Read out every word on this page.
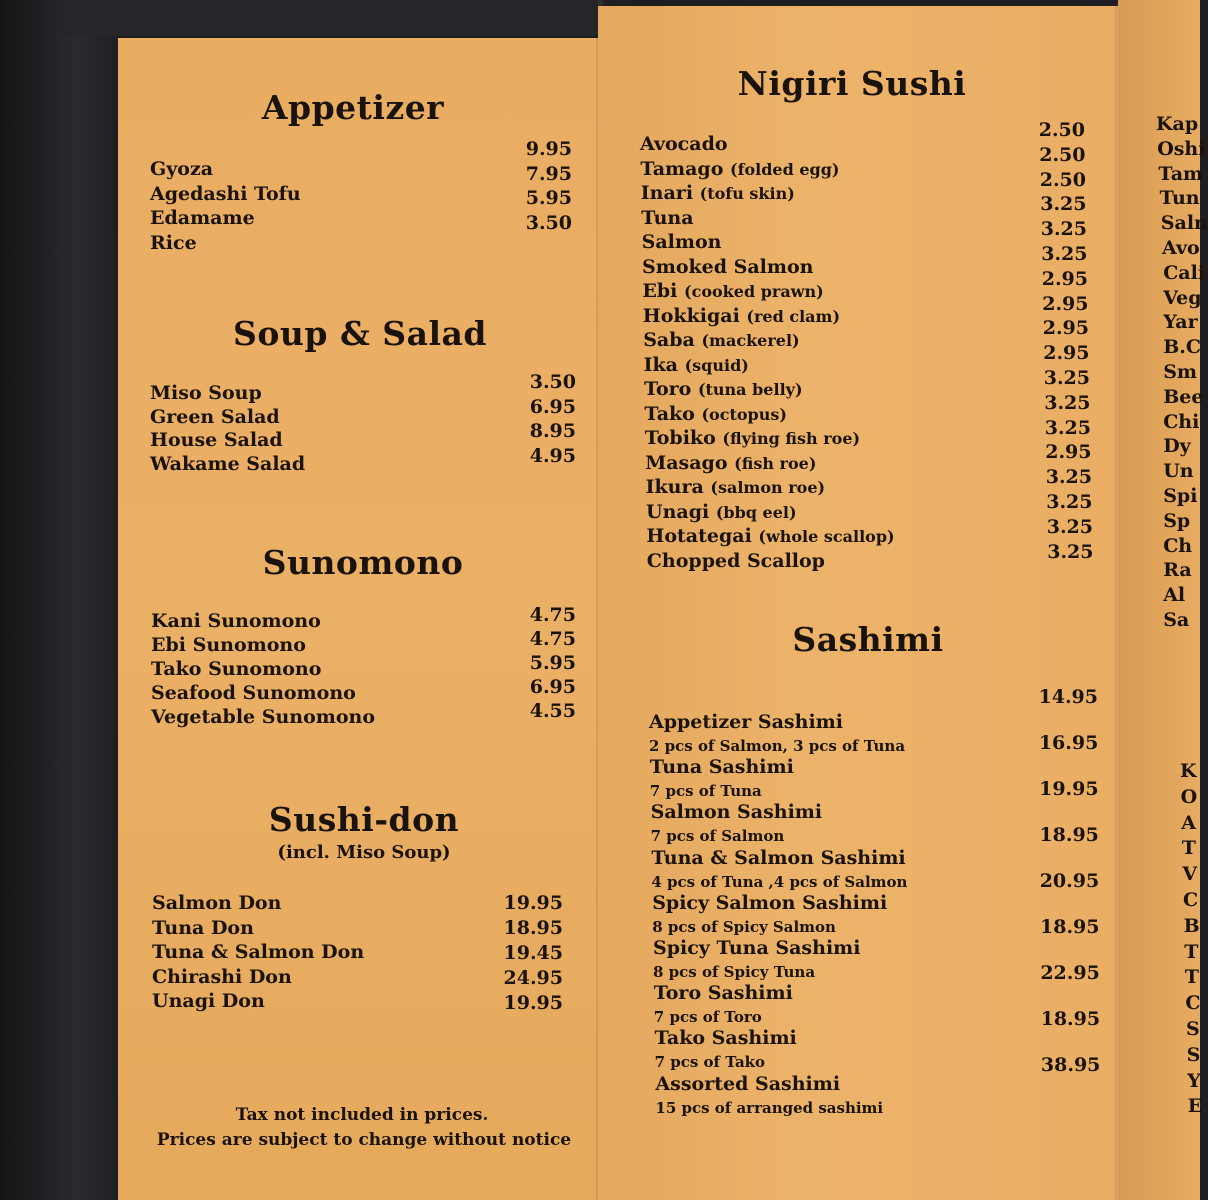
Appetizer
Gyoza
Agedashi Tofu
Edamame
Rice
9.95
7.95
5.95
3.50
Soup & Salad
Miso Soup
Green Salad
House Salad
Wakame Salad
3.50
6.95
8.95
4.95
Sunomono
Kani Sunomono
Ebi Sunomono
Tako Sunomono
Seafood Sunomono
Vegetable Sunomono
4.75
4.75
5.95
6.95
4.55
Sushi-don
(incl. Miso Soup)
Salmon Don
Tuna Don
Tuna & Salmon Don
Chirashi Don
Unagi Don
19.95
18.95
19.45
24.95
19.95
Tax not included in prices.
Prices are subject to change without notice
Nigiri Sushi
Avocado
Tamago (folded egg)
Inari (tofu skin)
Tuna
Salmon
Smoked Salmon
Ebi (cooked prawn)
Hokkigai (red clam)
Saba (mackerel)
Ika (squid)
Toro (tuna belly)
Tako (octopus)
Tobiko (flying fish roe)
Masago (fish roe)
Ikura (salmon roe)
Unagi (bbq eel)
Hotategai (whole scallop)
Chopped Scallop
2.50
2.50
2.50
3.25
3.25
3.25
2.95
2.95
2.95
2.95
3.25
3.25
3.25
2.95
3.25
3.25
3.25
3.25
Sashimi
Appetizer Sashimi
2 pcs of Salmon, 3 pcs of Tuna
Tuna Sashimi
7 pcs of Tuna
Salmon Sashimi
7 pcs of Salmon
Tuna & Salmon Sashimi
4 pcs of Tuna ,4 pcs of Salmon
Spicy Salmon Sashimi
8 pcs of Spicy Salmon
Spicy Tuna Sashimi
8 pcs of Spicy Tuna
Toro Sashimi
7 pcs of Toro
Tako Sashimi
7 pcs of Tako
Assorted Sashimi
15 pcs of arranged sashimi
14.95
16.95
19.95
18.95
20.95
18.95
22.95
18.95
38.95
Kap
Oshi
Tam
Tun
Saln
Avo
Cali
Veg
Yar
B.C
Sm
Bee
Chi
Dy
Un
Spi
Sp
Ch
Ra
Al
Sa
K
O
A
T
V
C
B
T
T
C
S
S
Y
E
